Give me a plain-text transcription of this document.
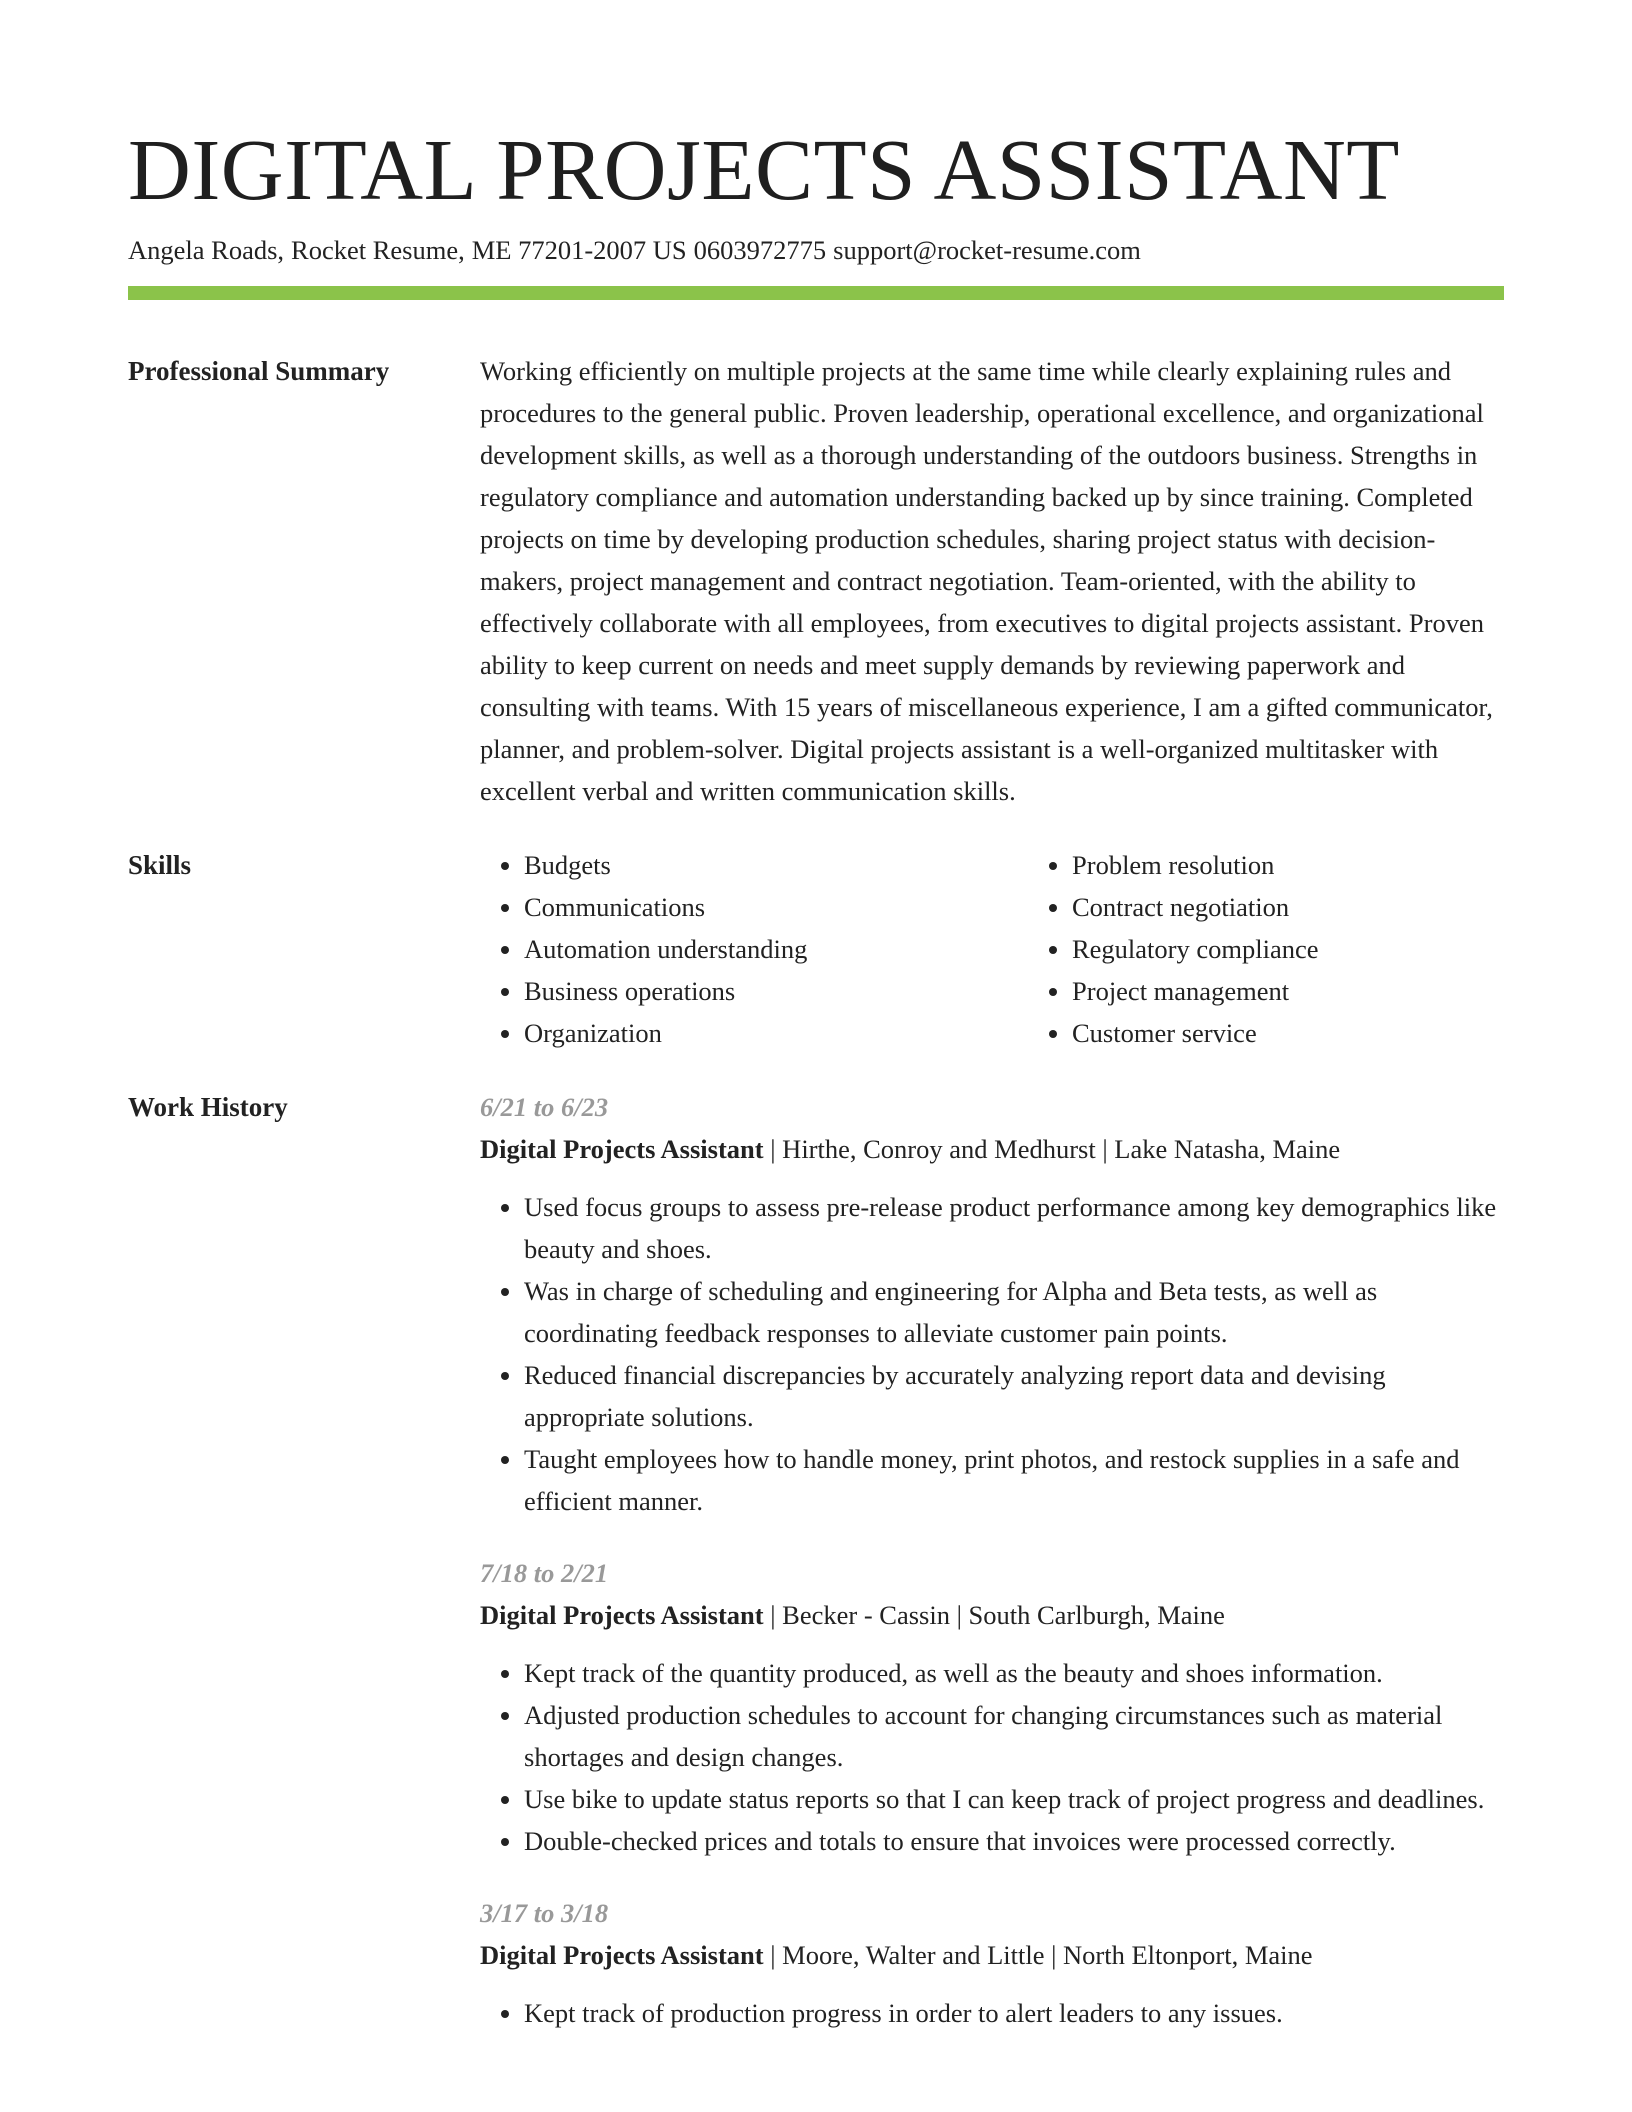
DIGITAL PROJECTS ASSISTANT
Angela Roads, Rocket Resume, ME 77201-2007 US 0603972775 support@rocket-resume.com
Professional Summary	Working efficiently on multiple projects at the same time while clearly explaining rules and procedures to the general public. Proven leadership, operational excellence, and organizational development skills, as well as a thorough understanding of the outdoors business. Strengths in regulatory compliance and automation understanding backed up by since training. Completed projects on time by developing production schedules, sharing project status with decision-makers, project management and contract negotiation. Team-oriented, with the ability to effectively collaborate with all employees, from executives to digital projects assistant. Proven ability to keep current on needs and meet supply demands by reviewing paperwork and consulting with teams. With 15 years of miscellaneous experience, I am a gifted communicator, planner, and problem-solver. Digital projects assistant is a well-organized multitasker with excellent verbal and written communication skills.

Skills
•	Budgets
• Communications
• Automation understanding
• Business operations
• Organization
• Problem resolution
• Contract negotiation
• Regulatory compliance
• Project management
• Customer service
Work History	6/21 to 6/23
Digital Projects Assistant | Hirthe, Conroy and Medhurst | Lake Natasha, Maine
• Used focus groups to assess pre-release product performance among key demographics like beauty and shoes.
• Was in charge of scheduling and engineering for Alpha and Beta tests, as well as coordinating feedback responses to alleviate customer pain points.
• Reduced financial discrepancies by accurately analyzing report data and devising appropriate solutions.
• Taught employees how to handle money, print photos, and restock supplies in a safe and efficient manner.
7/18 to 2/21
Digital Projects Assistant | Becker - Cassin | South Carlburgh, Maine
• Kept track of the quantity produced, as well as the beauty and shoes information.
• Adjusted production schedules to account for changing circumstances such as material shortages and design changes.
• Use bike to update status reports so that I can keep track of project progress and deadlines.
• Double-checked prices and totals to ensure that invoices were processed correctly.
3/17 to 3/18
Digital Projects Assistant | Moore, Walter and Little | North Eltonport, Maine
• Kept track of production progress in order to alert leaders to any issues.
